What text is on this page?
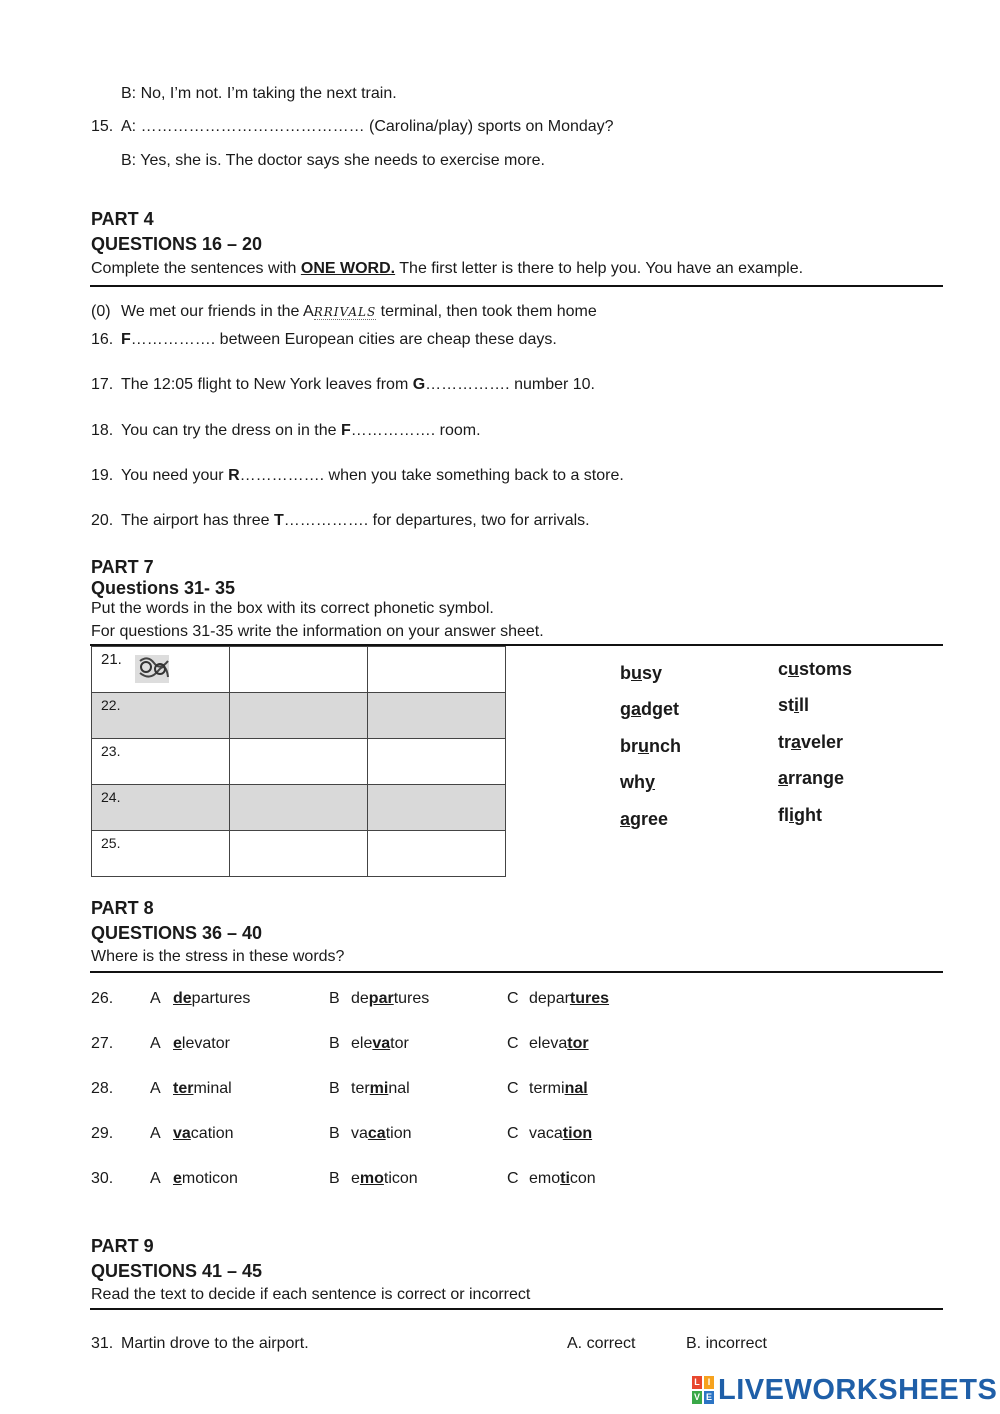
B: No, I’m not. I’m taking the next train.
15. A: …………………………………… (Carolina/play) sports on Monday?
B: Yes, she is. The doctor says she needs to exercise more.
PART 4
QUESTIONS 16 – 20
Complete the sentences with ONE WORD. The first letter is there to help you. You have an example.
(0) We met our friends in the ARRIVALS terminal, then took them home
16. F……………. between European cities are cheap these days.
17. The 12:05 flight to New York leaves from G……………. number 10.
18. You can try the dress on in the F……………. room.
19. You need your R……………. when you take something back to a store.
20. The airport has three T……………. for departures, two for arrivals.
PART 7
Questions 31- 35
Put the words in the box with its correct phonetic symbol.
For questions 31-35 write the information on your answer sheet.
21.		
22.		
23.		
24.		
25.		
busy
gadget
brunch
why
agree
customs
still
traveler
arrange
flight
PART 8
QUESTIONS 36 – 40
Where is the stress in these words?
26. A departures	B departures	C departures
27. A elevator	B elevator	C elevator
28. A terminal	B terminal	C terminal
29. A vacation	B vacation	C vacation
30. A emoticon	B emoticon	C emoticon
PART 9
QUESTIONS 41 – 45
Read the text to decide if each sentence is correct or incorrect
31. Martin drove to the airport.	A. correct	B. incorrect
L I
V E LIVEWORKSHEETS
